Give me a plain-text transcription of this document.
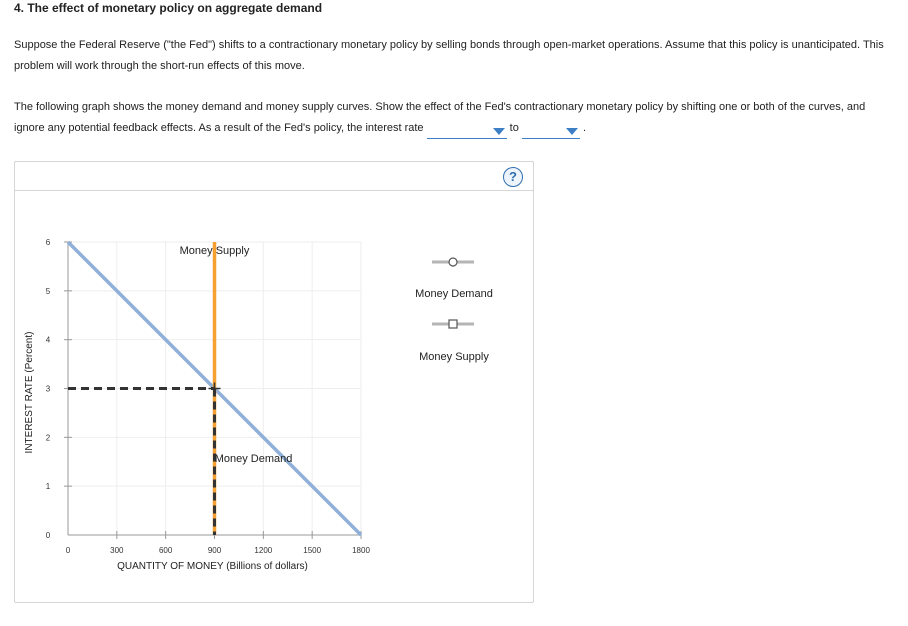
4. The effect of monetary policy on aggregate demand
Suppose the Federal Reserve ("the Fed") shifts to a contractionary monetary policy by selling bonds through open-market operations. Assume that this policy is unanticipated. This problem will work through the short-run effects of this move.
The following graph shows the money demand and money supply curves. Show the effect of the Fed's contractionary monetary policy by shifting one or both of the curves, and ignore any potential feedback effects. As a result of the Fed's policy, the interest rate	to	.
?
0	300	600	900	1200	1500	1800
0
1
2
3
4
5
6
QUANTITY OF MONEY (Billions of dollars)
INTEREST RATE (Percent)
Money Supply
Money Demand
Money Demand
Money Supply
